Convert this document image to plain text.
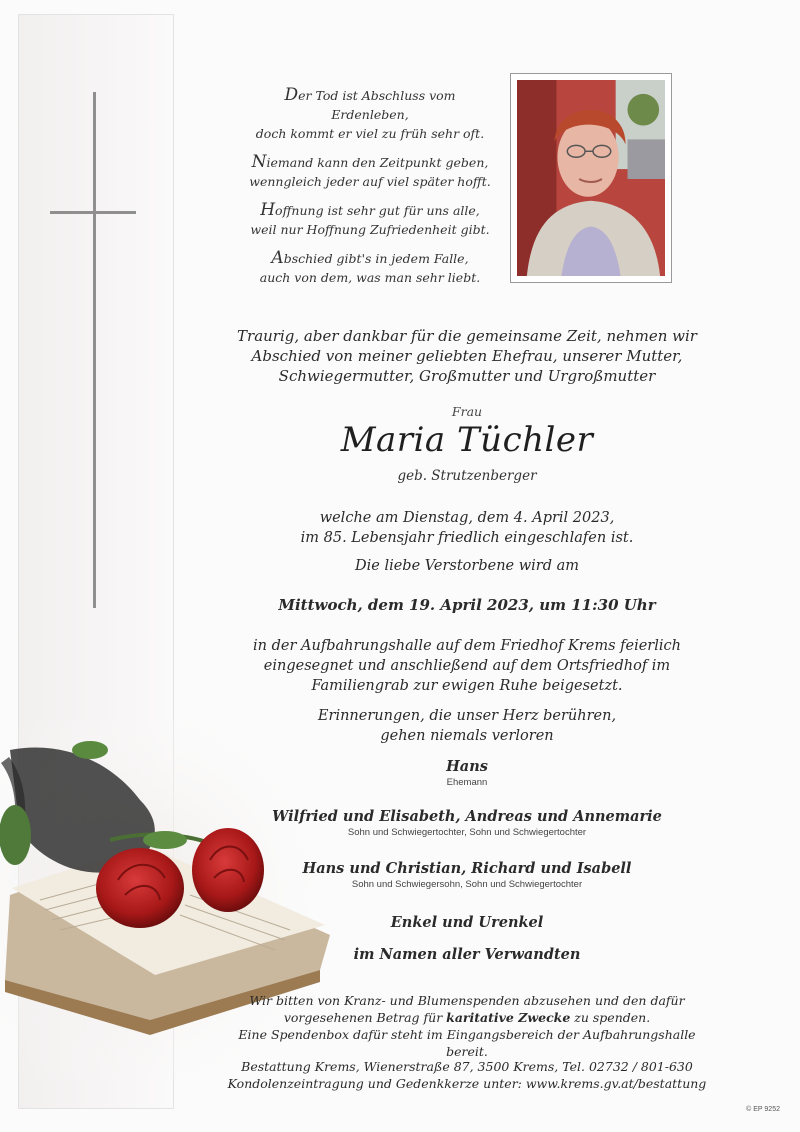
Der Tod ist Abschluss vom Erdenleben,
doch kommt er viel zu früh sehr oft.
Niemand kann den Zeitpunkt geben,
wenngleich jeder auf viel später hofft.
Hoffnung ist sehr gut für uns alle,
weil nur Hoffnung Zufriedenheit gibt.
Abschied gibt's in jedem Falle,
auch von dem, was man sehr liebt.
Traurig, aber dankbar für die gemeinsame Zeit, nehmen wir
Abschied von meiner geliebten Ehefrau, unserer Mutter,
Schwiegermutter, Großmutter und Urgroßmutter
Frau
Maria Tüchler
geb. Strutzenberger
welche am Dienstag, dem 4. April 2023,
im 85. Lebensjahr friedlich eingeschlafen ist.
Die liebe Verstorbene wird am
Mittwoch, dem 19. April 2023, um 11:30 Uhr
in der Aufbahrungshalle auf dem Friedhof Krems feierlich
eingesegnet und anschließend auf dem Ortsfriedhof im
Familiengrab zur ewigen Ruhe beigesetzt.
Erinnerungen, die unser Herz berühren,
gehen niemals verloren
Hans
Ehemann
Wilfried und Elisabeth, Andreas und Annemarie
Sohn und Schwiegertochter, Sohn und Schwiegertochter
Hans und Christian, Richard und Isabell
Sohn und Schwiegersohn, Sohn und Schwiegertochter
Enkel und Urenkel
im Namen aller Verwandten
Wir bitten von Kranz- und Blumenspenden abzusehen und den dafür
vorgesehenen Betrag für karitative Zwecke zu spenden.
Eine Spendenbox dafür steht im Eingangsbereich der Aufbahrungshalle bereit.
Bestattung Krems, Wienerstraße 87, 3500 Krems, Tel. 02732 / 801-630
Kondolenzeintragung und Gedenkkerze unter: www.krems.gv.at/bestattung
© EP 9252
